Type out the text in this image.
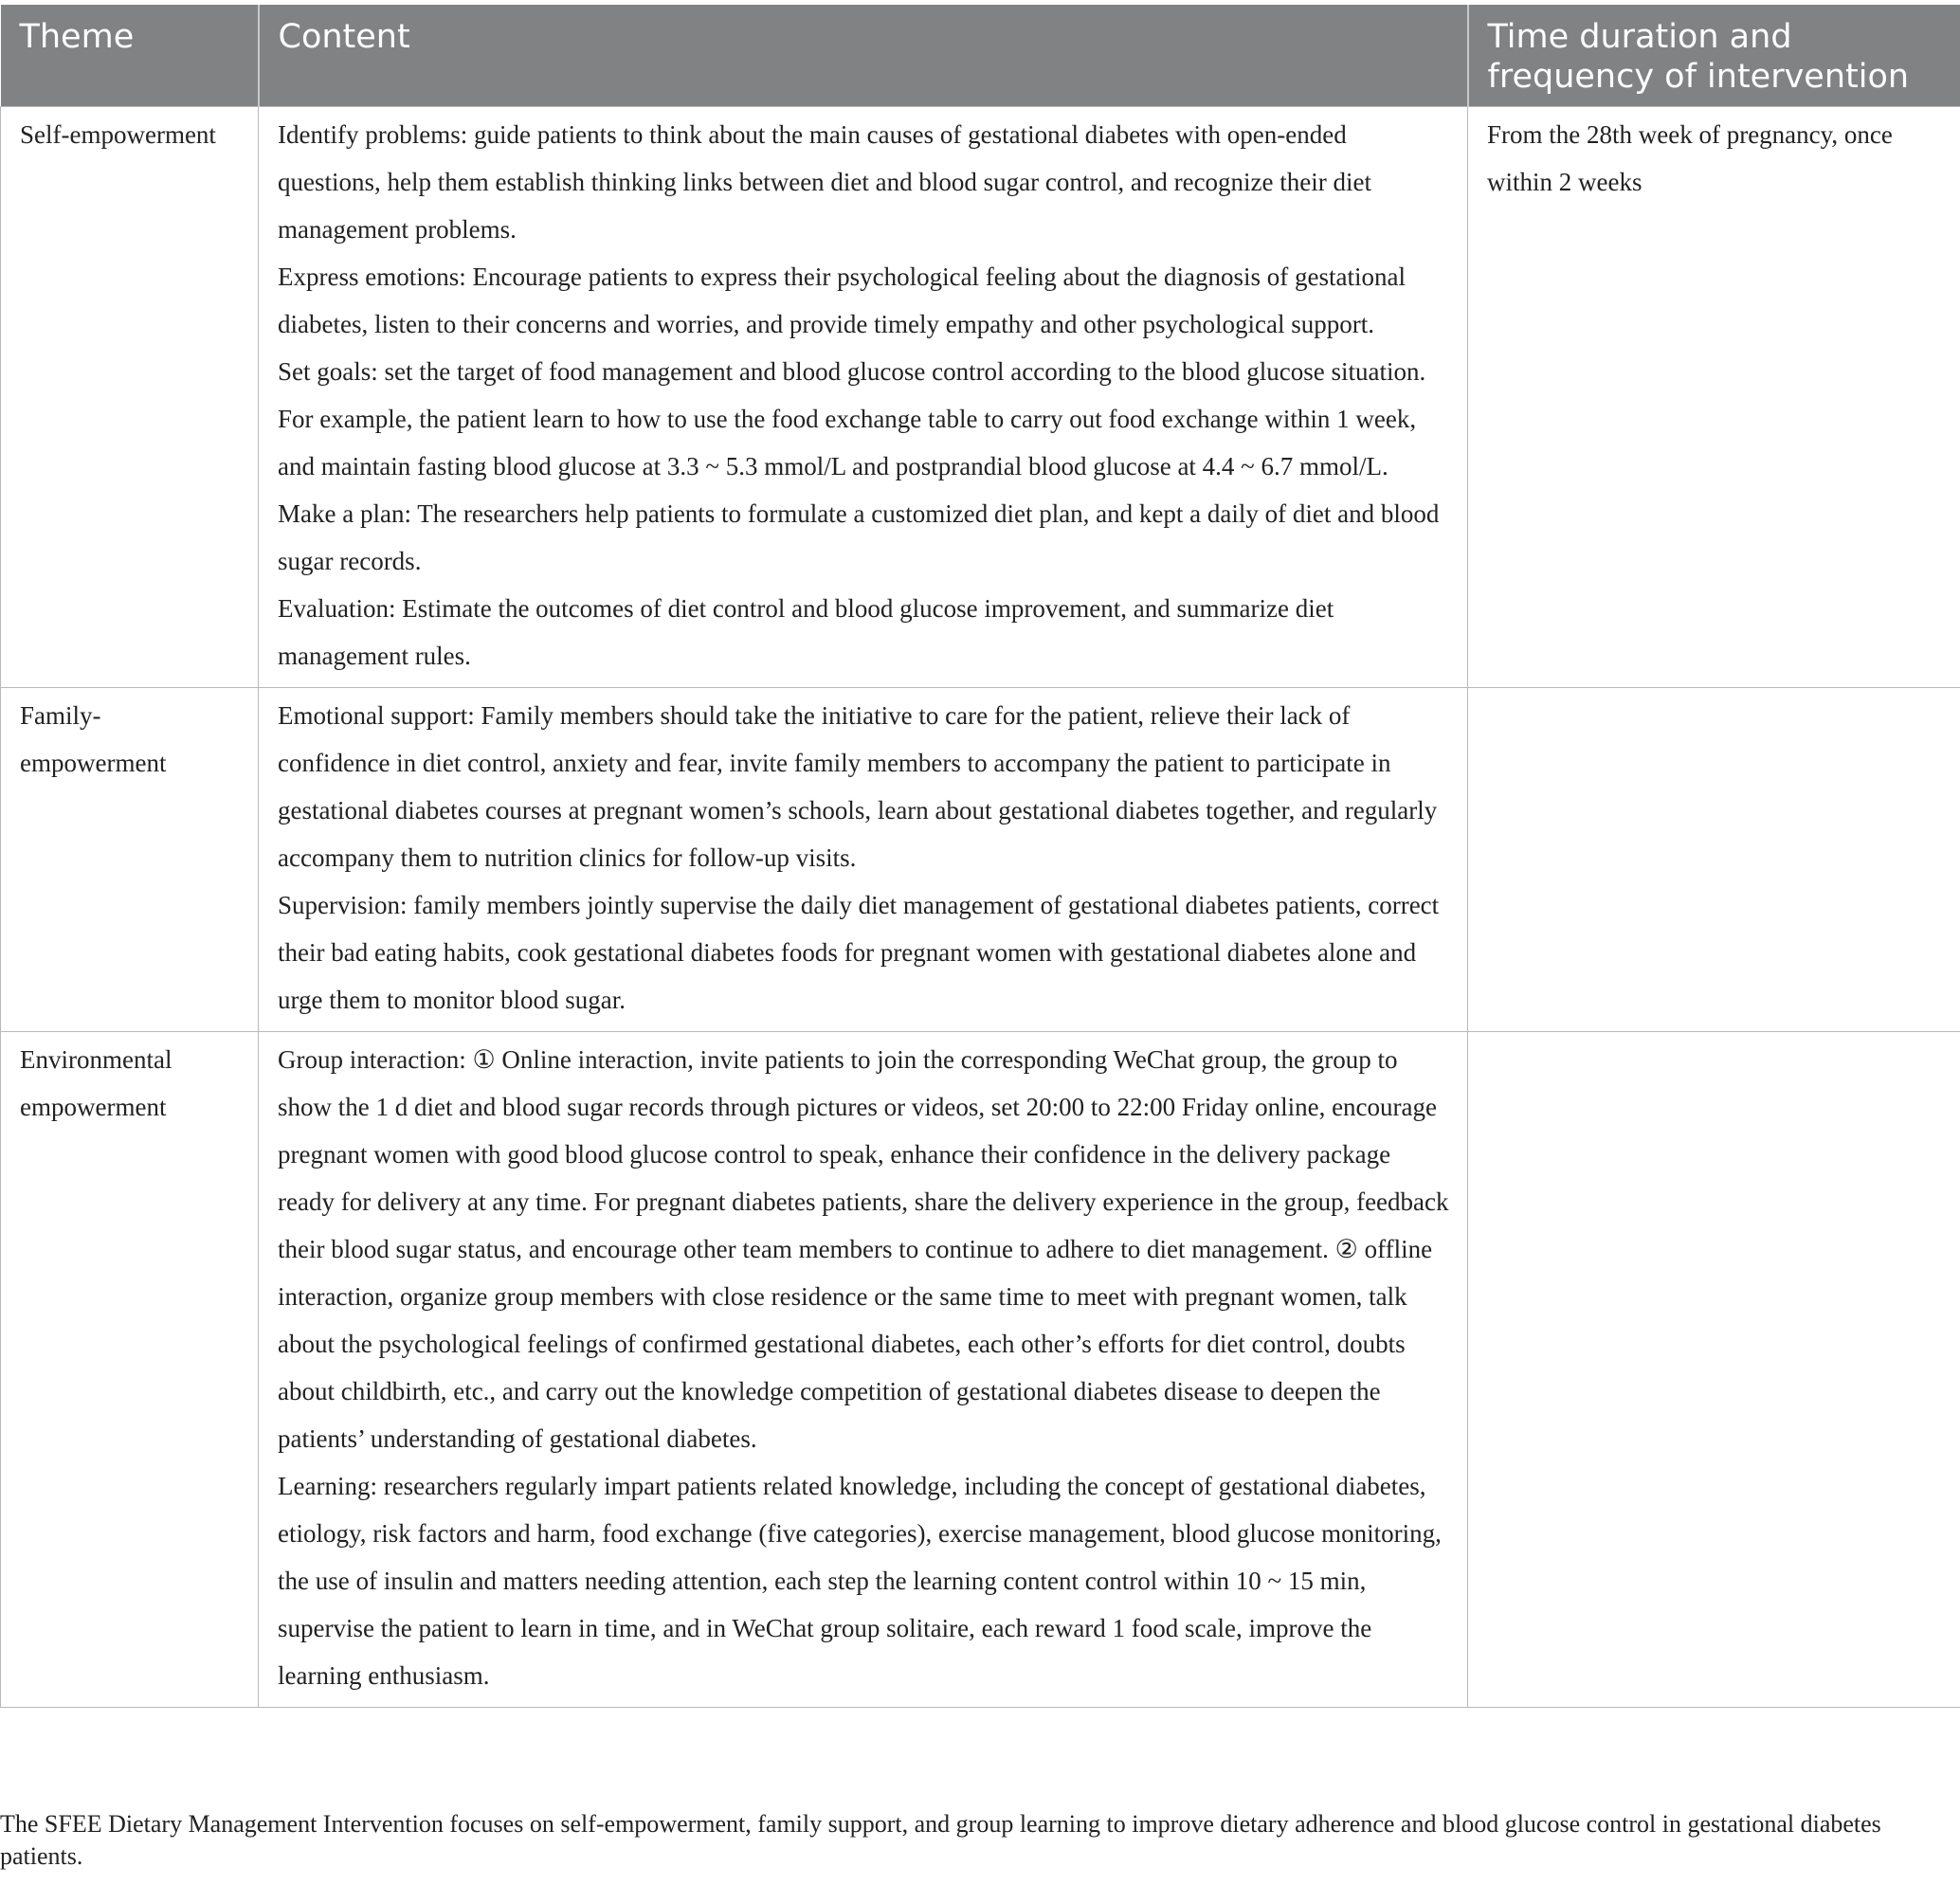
Theme	Content	Time duration and frequency of intervention
Self-empowerment	Identify problems: guide patients to think about the main causes of gestational diabetes with open-ended questions, help them establish thinking links between diet and blood sugar control, and recognize their diet management problems.
Express emotions: Encourage patients to express their psychological feeling about the diagnosis of gestational diabetes, listen to their concerns and worries, and provide timely empathy and other psychological support.
Set goals: set the target of food management and blood glucose control according to the blood glucose situation. For example, the patient learn to how to use the food exchange table to carry out food exchange within 1 week, and maintain fasting blood glucose at 3.3 ~ 5.3 mmol/L and postprandial blood glucose at 4.4 ~ 6.7 mmol/L. Make a plan: The researchers help patients to formulate a customized diet plan, and kept a daily of diet and blood sugar records.
Evaluation: Estimate the outcomes of diet control and blood glucose improvement, and summarize diet management rules.	From the 28th week of pregnancy, once within 2 weeks
Family-empowerment	Emotional support: Family members should take the initiative to care for the patient, relieve their lack of confidence in diet control, anxiety and fear, invite family members to accompany the patient to participate in gestational diabetes courses at pregnant women’s schools, learn about gestational diabetes together, and regularly accompany them to nutrition clinics for follow-up visits.
Supervision: family members jointly supervise the daily diet management of gestational diabetes patients, correct their bad eating habits, cook gestational diabetes foods for pregnant women with gestational diabetes alone and urge them to monitor blood sugar.	

Environmental empowerment	Group interaction: ① Online interaction, invite patients to join the corresponding WeChat group, the group to show the 1 d diet and blood sugar records through pictures or videos, set 20:00 to 22:00 Friday online, encourage pregnant women with good blood glucose control to speak, enhance their confidence in the delivery package ready for delivery at any time. For pregnant diabetes patients, share the delivery experience in the group, feedback their blood sugar status, and encourage other team members to continue to adhere to diet management. ② offline interaction, organize group members with close residence or the same time to meet with pregnant women, talk about the psychological feelings of confirmed gestational diabetes, each other’s efforts for diet control, doubts about childbirth, etc., and carry out the knowledge competition of gestational diabetes disease to deepen the patients’ understanding of gestational diabetes.
Learning: researchers regularly impart patients related knowledge, including the concept of gestational diabetes, etiology, risk factors and harm, food exchange (five categories), exercise management, blood glucose monitoring, the use of insulin and matters needing attention, each step the learning content control within 10 ~ 15 min, supervise the patient to learn in time, and in WeChat group solitaire, each reward 1 food scale, improve the learning enthusiasm.	

The SFEE Dietary Management Intervention focuses on self-empowerment, family support, and group learning to improve dietary adherence and blood glucose control in gestational diabetes patients.
